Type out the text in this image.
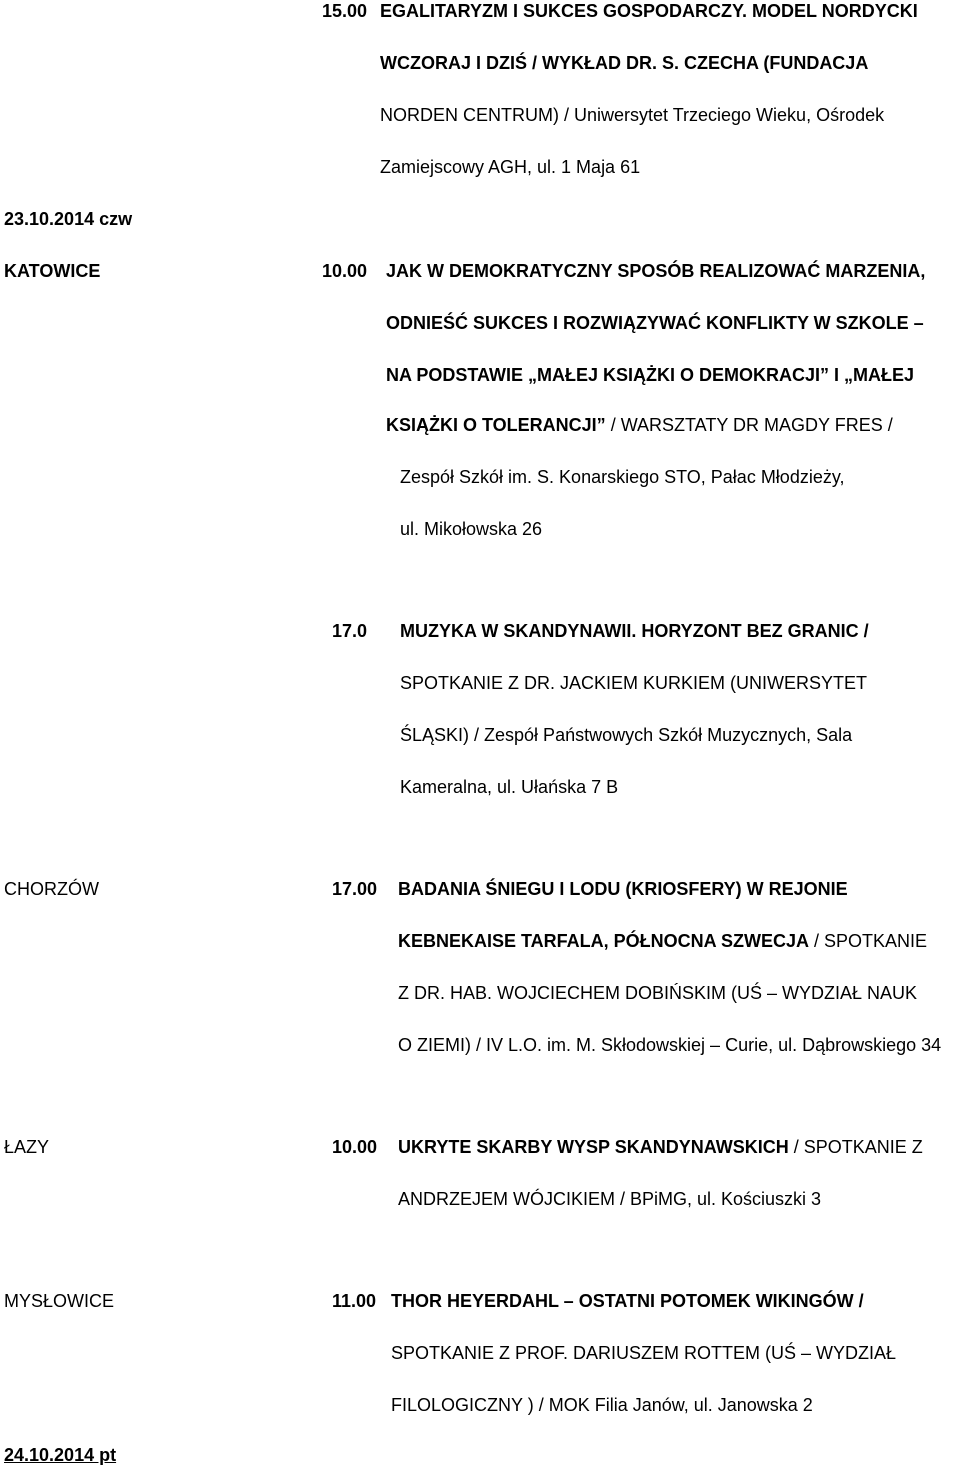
15.00 EGALITARYZM I SUKCES GOSPODARCZY. MODEL NORDYCKI
WCZORAJ I DZIŚ / WYKŁAD DR. S. CZECHA (FUNDACJA
NORDEN CENTRUM) / Uniwersytet Trzeciego Wieku, Ośrodek
Zamiejscowy AGH, ul. 1 Maja 61
23.10.2014 czw
KATOWICE	10.00 JAK W DEMOKRATYCZNY SPOSÓB REALIZOWAĆ MARZENIA,
ODNIEŚĆ SUKCES I ROZWIĄZYWAĆ KONFLIKTY W SZKOLE –
NA PODSTAWIE „MAŁEJ KSIĄŻKI O DEMOKRACJI” I „MAŁEJ
KSIĄŻKI O TOLERANCJI” / WARSZTATY DR MAGDY FRES /
Zespół Szkół im. S. Konarskiego STO, Pałac Młodzieży,
ul. Mikołowska 26
17.0 MUZYKA W SKANDYNAWII. HORYZONT BEZ GRANIC /
SPOTKANIE Z DR. JACKIEM KURKIEM (UNIWERSYTET
ŚLĄSKI) / Zespół Państwowych Szkół Muzycznych, Sala
Kameralna, ul. Ułańska 7 B
CHORZÓW	17.00 BADANIA ŚNIEGU I LODU (KRIOSFERY) W REJONIE
KEBNEKAISE TARFALA, PÓŁNOCNA SZWECJA / SPOTKANIE
Z DR. HAB. WOJCIECHEM DOBIŃSKIM (UŚ – WYDZIAŁ NAUK
O ZIEMI) / IV L.O. im. M. Skłodowskiej – Curie, ul. Dąbrowskiego 34
ŁAZY	10.00 UKRYTE SKARBY WYSP SKANDYNAWSKICH / SPOTKANIE Z
ANDRZEJEM WÓJCIKIEM / BPiMG, ul. Kościuszki 3
MYSŁOWICE	11.00 THOR HEYERDAHL – OSTATNI POTOMEK WIKINGÓW /
SPOTKANIE Z PROF. DARIUSZEM ROTTEM (UŚ – WYDZIAŁ
FILOLOGICZNY ) / MOK Filia Janów, ul. Janowska 2
24.10.2014 pt
